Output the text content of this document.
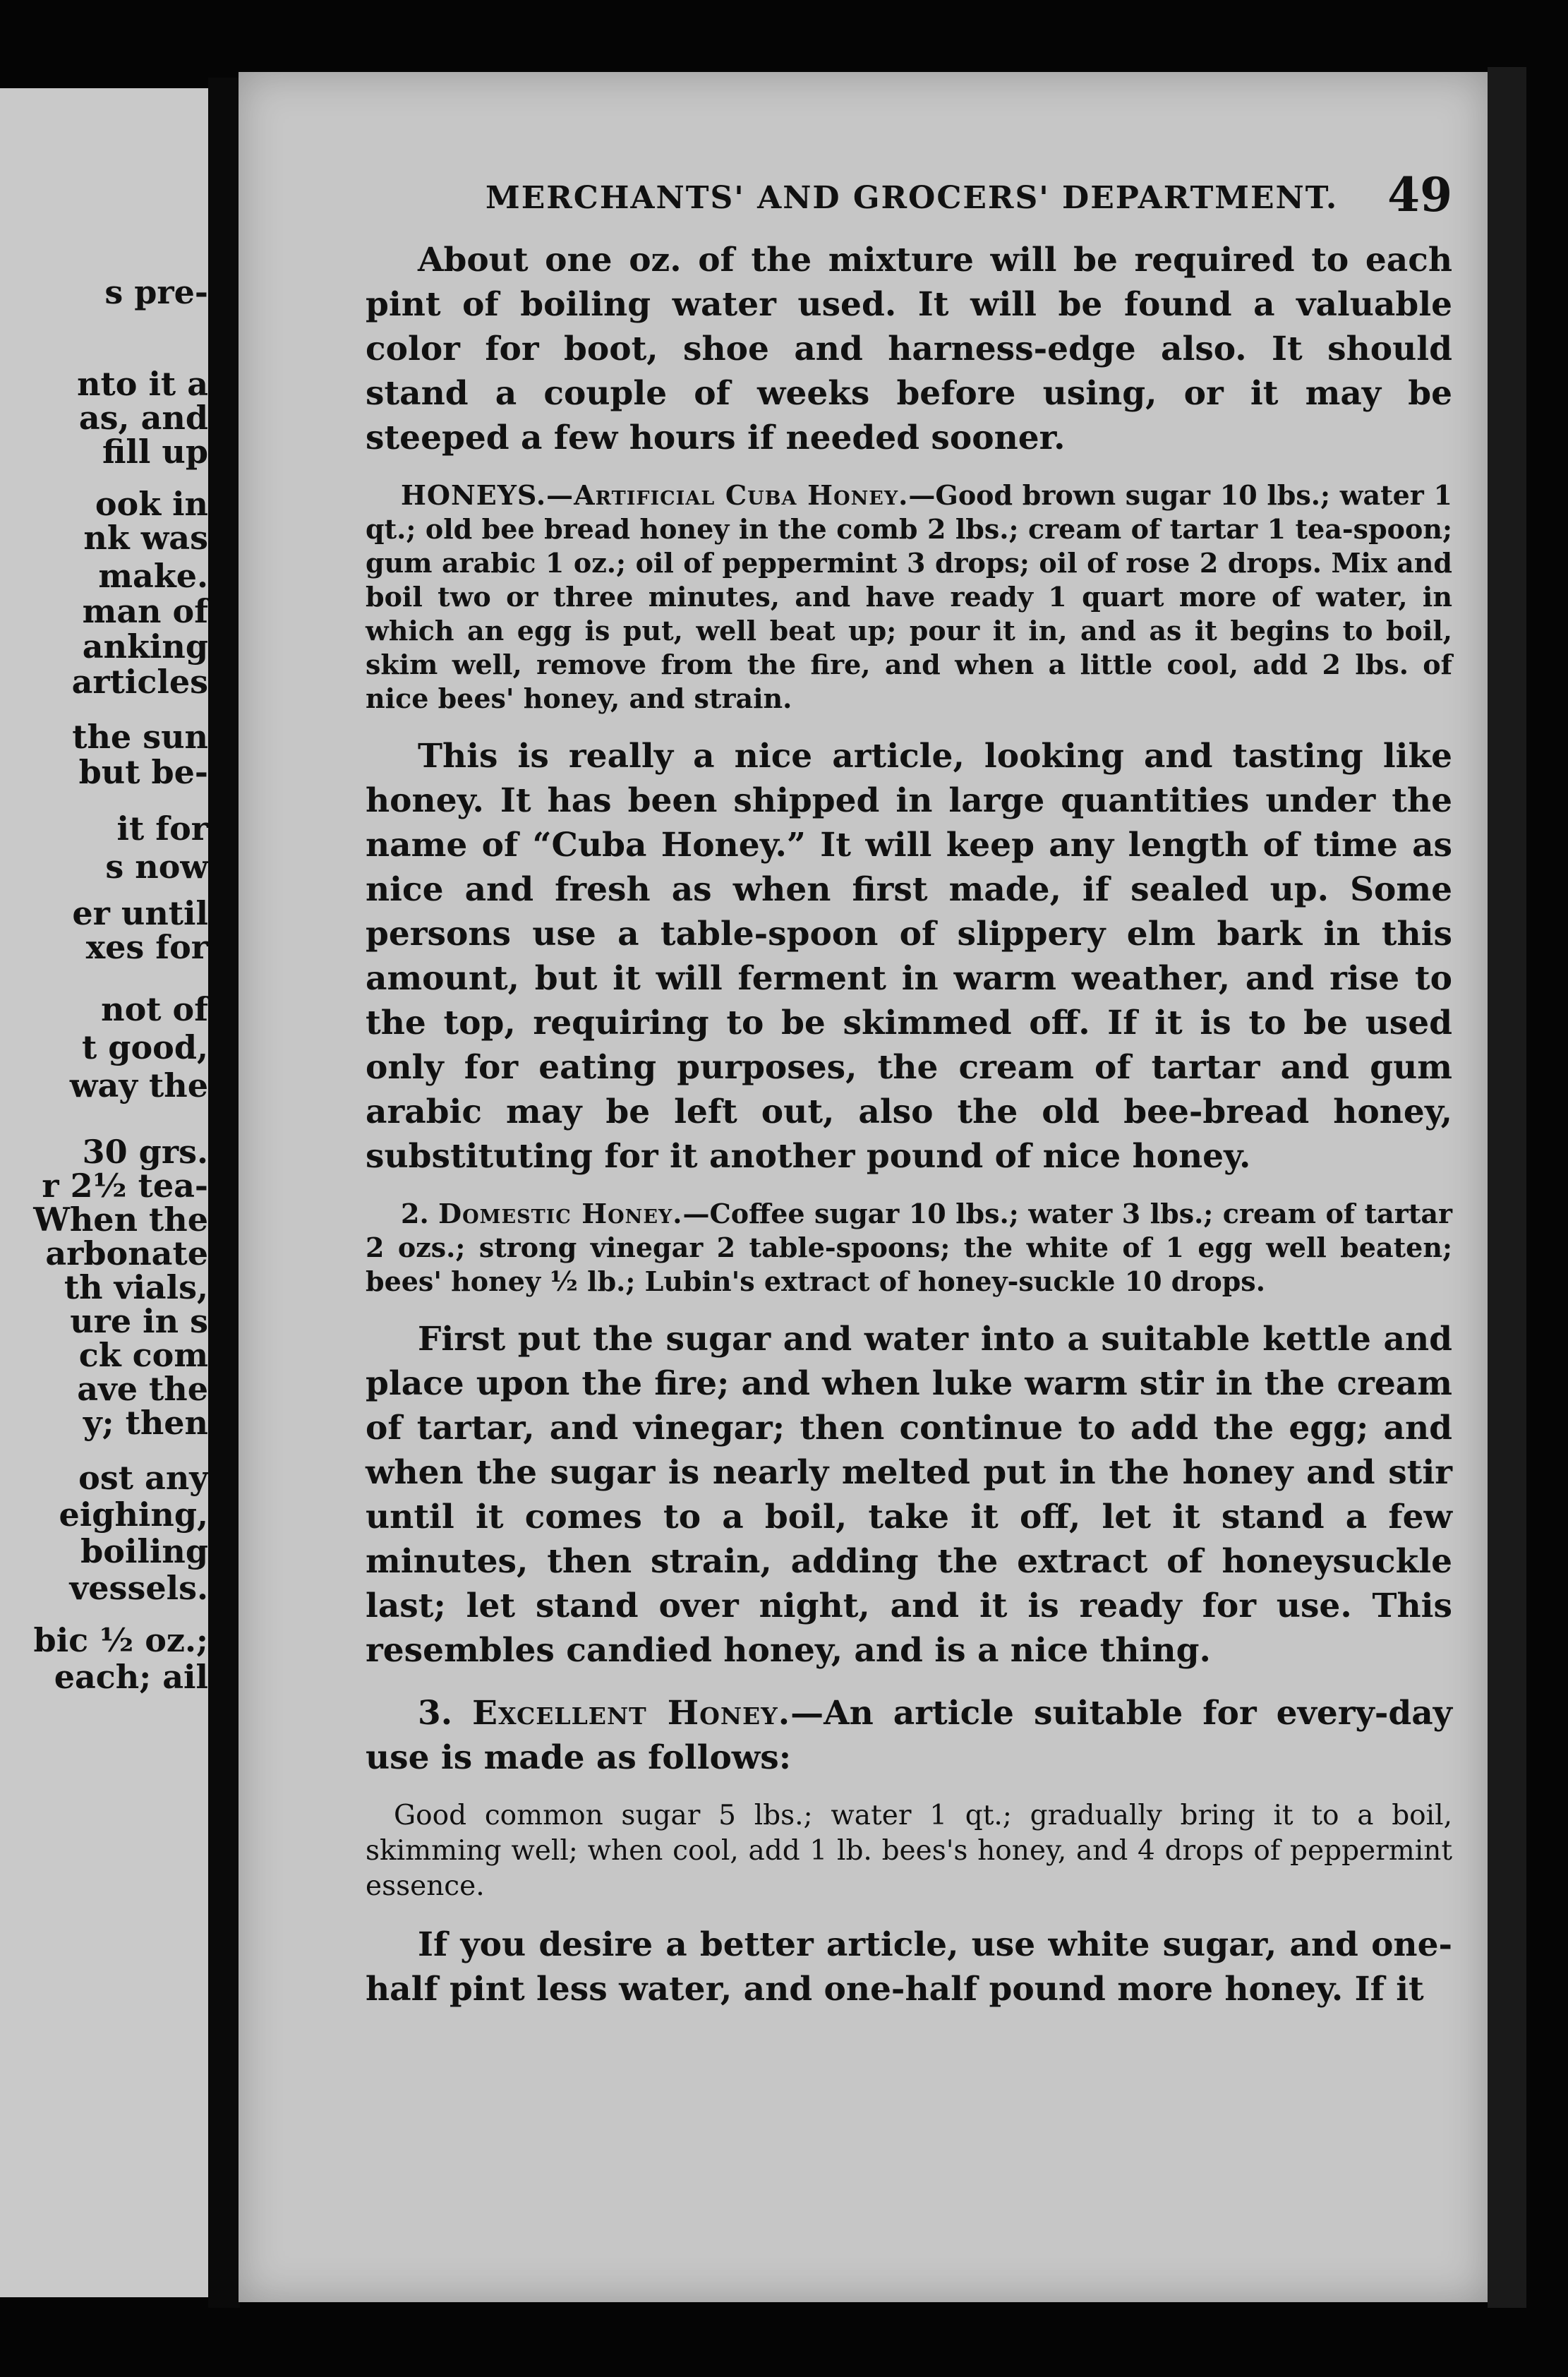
s pre-
nto it a
as, and
fill up
ook in
nk was
make.
man of
anking
articles
the sun
but be-
it for
s now
er until
xes for
not of
t good,
way the
30 grs.
r 2½ tea-
When the
arbonate
th vials,
ure in s
ck com
ave the
y; then
ost any
eighing,
boiling
vessels.
bic ½ oz.;
each; ail
MERCHANTS' AND GROCERS' DEPARTMENT. 49

About one oz. of the mixture will be required to each pint of boiling water used. It will be found a valuable color for boot, shoe and harness-edge also. It should stand a couple of weeks before using, or it may be steeped a few hours if needed sooner.

HONEYS.—Artificial Cuba Honey.—Good brown sugar 10 lbs.; water 1 qt.; old bee bread honey in the comb 2 lbs.; cream of tartar 1 tea-spoon; gum arabic 1 oz.; oil of peppermint 3 drops; oil of rose 2 drops. Mix and boil two or three minutes, and have ready 1 quart more of water, in which an egg is put, well beat up; pour it in, and as it begins to boil, skim well, remove from the fire, and when a little cool, add 2 lbs. of nice bees' honey, and strain.

This is really a nice article, looking and tasting like honey. It has been shipped in large quantities under the name of “Cuba Honey.” It will keep any length of time as nice and fresh as when first made, if sealed up. Some persons use a table-spoon of slippery elm bark in this amount, but it will ferment in warm weather, and rise to the top, requiring to be skimmed off. If it is to be used only for eating purposes, the cream of tartar and gum arabic may be left out, also the old bee-bread honey, substituting for it another pound of nice honey.

2. Domestic Honey.—Coffee sugar 10 lbs.; water 3 lbs.; cream of tartar 2 ozs.; strong vinegar 2 table-spoons; the white of 1 egg well beaten; bees' honey ½ lb.; Lubin's extract of honey-suckle 10 drops.

First put the sugar and water into a suitable kettle and place upon the fire; and when luke warm stir in the cream of tartar, and vinegar; then continue to add the egg; and when the sugar is nearly melted put in the honey and stir until it comes to a boil, take it off, let it stand a few minutes, then strain, adding the extract of honeysuckle last; let stand over night, and it is ready for use. This resembles candied honey, and is a nice thing.

3. Excellent Honey.—An article suitable for every-day use is made as follows:

Good common sugar 5 lbs.; water 1 qt.; gradually bring it to a boil, skimming well; when cool, add 1 lb. bees's honey, and 4 drops of peppermint essence.

If you desire a better article, use white sugar, and one-half pint less water, and one-half pound more honey. If it
